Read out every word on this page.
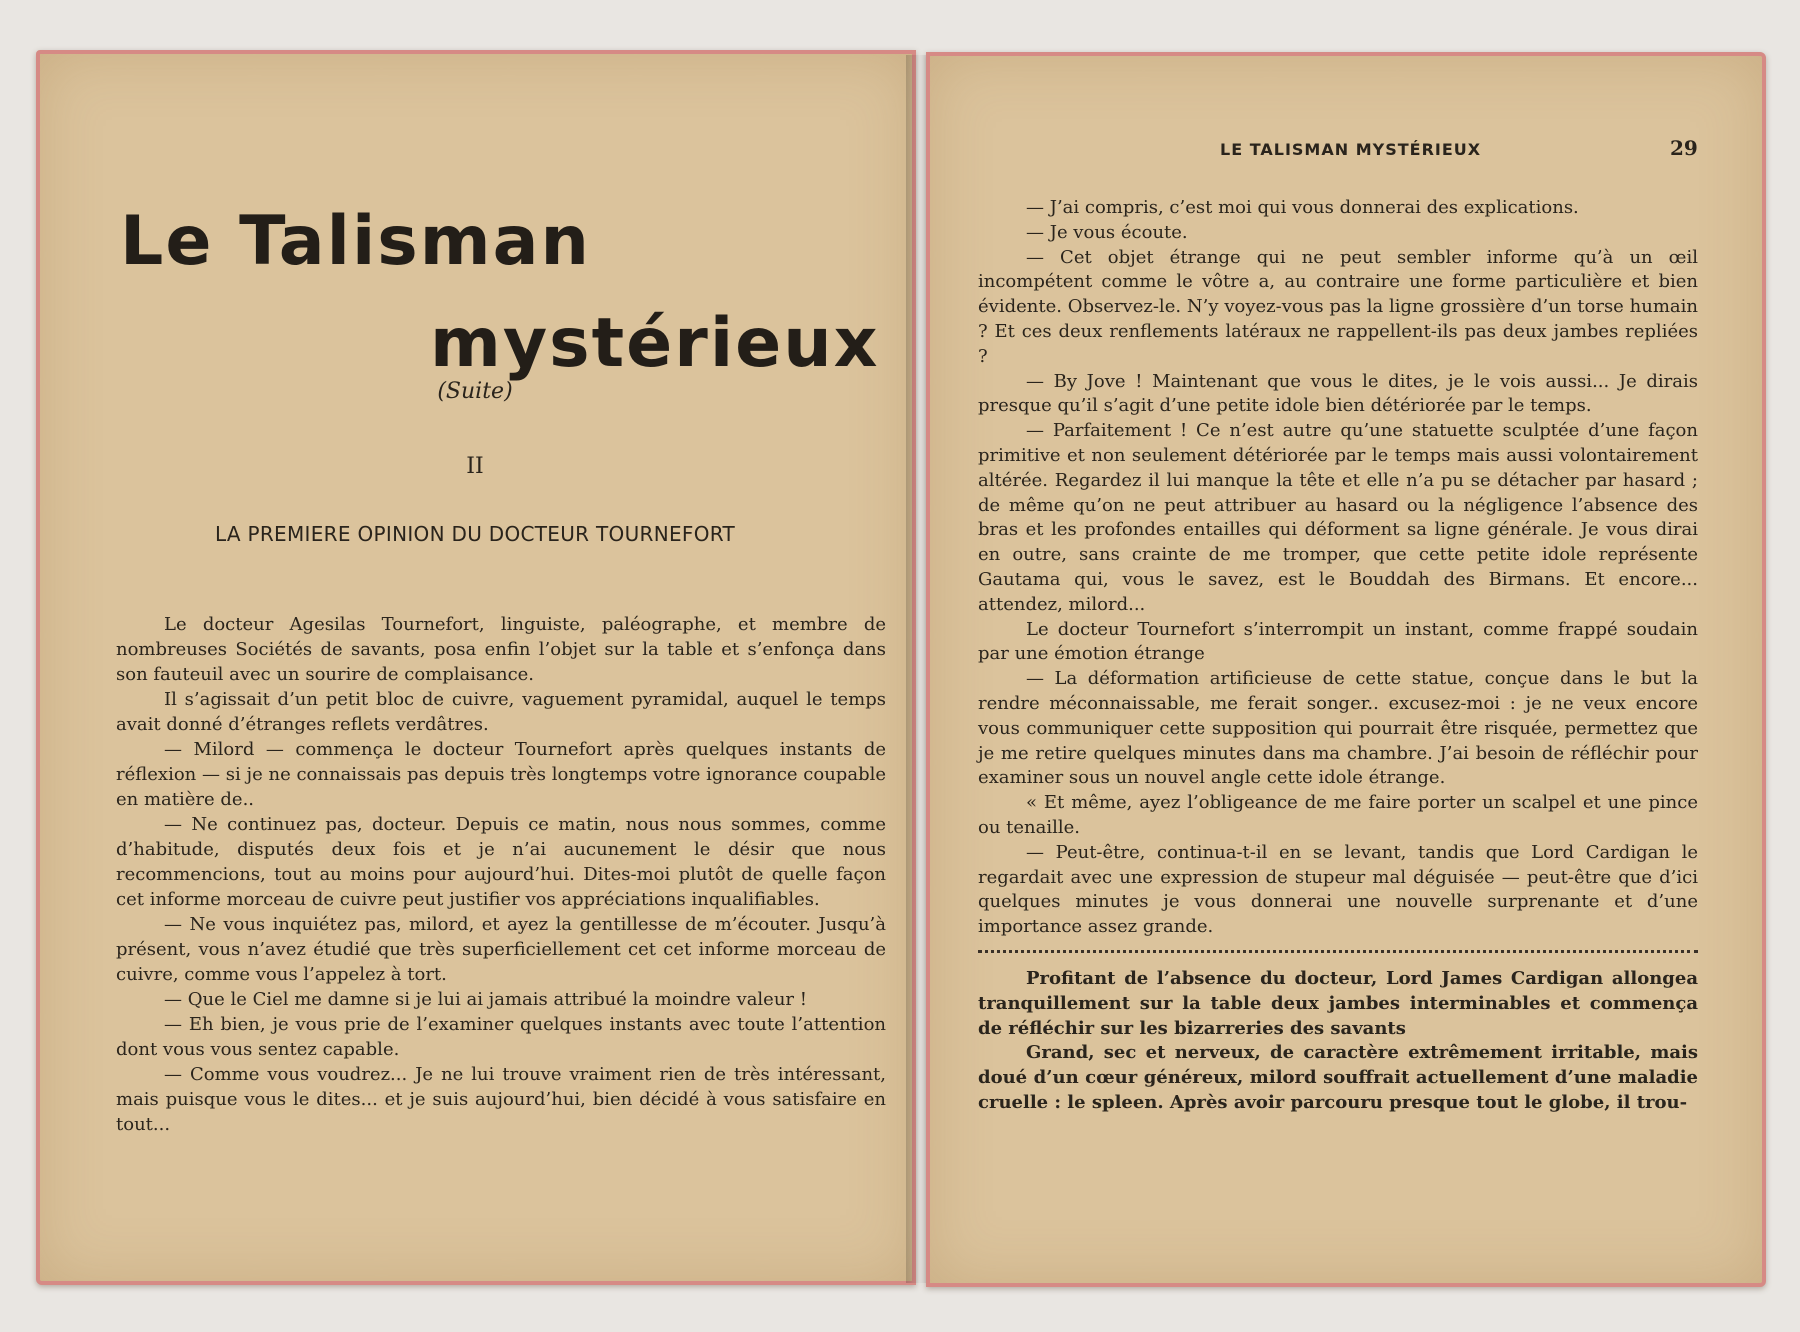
Le Talisman
mystérieux
(Suite)
II
LA PREMIERE OPINION DU DOCTEUR TOURNEFORT

Le docteur Agesilas Tournefort, linguiste, paléographe, et membre de nombreuses Sociétés de savants, posa enfin l’objet sur la table et s’enfonça dans son fauteuil avec un sourire de complaisance.

Il s’agissait d’un petit bloc de cuivre, vaguement pyramidal, auquel le temps avait donné d’étranges reflets verdâtres.

— Milord — commença le docteur Tournefort après quelques instants de réflexion — si je ne connaissais pas depuis très longtemps votre ignorance coupable en matière de..

— Ne continuez pas, docteur. Depuis ce matin, nous nous sommes, comme d’habitude, disputés deux fois et je n’ai aucunement le désir que nous recommencions, tout au moins pour aujourd’hui. Dites-moi plutôt de quelle façon cet informe morceau de cuivre peut justifier vos appréciations inqualifiables.

— Ne vous inquiétez pas, milord, et ayez la gentillesse de m’écouter. Jusqu’à présent, vous n’avez étudié que très superficiellement cet cet informe morceau de cuivre, comme vous l’appelez à tort.

— Que le Ciel me damne si je lui ai jamais attribué la moindre valeur !

— Eh bien, je vous prie de l’examiner quelques instants avec toute l’attention dont vous vous sentez capable.

— Comme vous voudrez... Je ne lui trouve vraiment rien de très intéressant, mais puisque vous le dites... et je suis aujourd’hui, bien décidé à vous satisfaire en tout...

LE TALISMAN MYSTÉRIEUX	29

— J’ai compris, c’est moi qui vous donnerai des explications.

— Je vous écoute.

— Cet objet étrange qui ne peut sembler informe qu’à un œil incompétent comme le vôtre a, au contraire une forme particulière et bien évidente. Observez-le. N’y voyez-vous pas la ligne grossière d’un torse humain ? Et ces deux renflements latéraux ne rappellent-ils pas deux jambes repliées ?

— By Jove ! Maintenant que vous le dites, je le vois aussi... Je dirais presque qu’il s’agit d’une petite idole bien détériorée par le temps.

— Parfaitement ! Ce n’est autre qu’une statuette sculptée d’une façon primitive et non seulement détériorée par le temps mais aussi volontairement altérée. Regardez il lui manque la tête et elle n’a pu se détacher par hasard ; de même qu’on ne peut attribuer au hasard ou la négligence l’absence des bras et les profondes entailles qui déforment sa ligne générale. Je vous dirai en outre, sans crainte de me tromper, que cette petite idole représente Gautama qui, vous le savez, est le Bouddah des Birmans. Et encore... attendez, milord...

Le docteur Tournefort s’interrompit un instant, comme frappé soudain par une émotion étrange

— La déformation artificieuse de cette statue, conçue dans le but la rendre méconnaissable, me ferait songer.. excusez-moi : je ne veux encore vous communiquer cette supposition qui pourrait être risquée, permettez que je me retire quelques minutes dans ma chambre. J’ai besoin de réfléchir pour examiner sous un nouvel angle cette idole étrange.

« Et même, ayez l’obligeance de me faire porter un scalpel et une pince ou tenaille.

— Peut-être, continua-t-il en se levant, tandis que Lord Cardigan le regardait avec une expression de stupeur mal déguisée — peut-être que d’ici quelques minutes je vous donnerai une nouvelle surprenante et d’une importance assez grande.

Profitant de l’absence du docteur, Lord James Cardigan allongea tranquillement sur la table deux jambes interminables et commença de réfléchir sur les bizarreries des savants

Grand, sec et nerveux, de caractère extrêmement irritable, mais doué d’un cœur généreux, milord souffrait actuellement d’une maladie cruelle : le spleen. Après avoir parcouru presque tout le globe, il trou-
